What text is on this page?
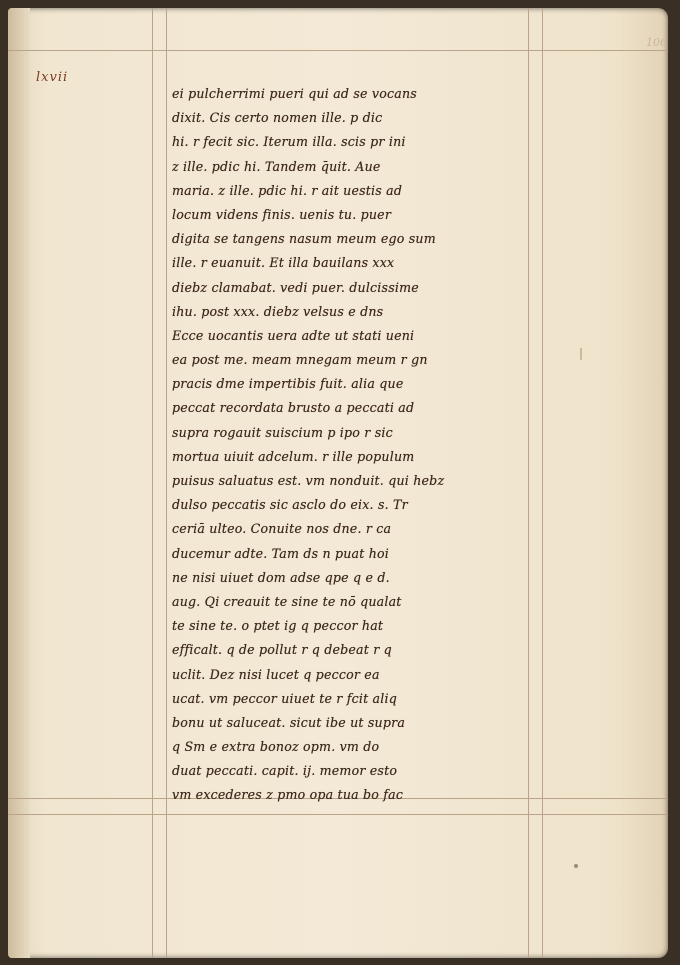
106
lxvii
ei pulcherrimi pueri qui ad se vocans
dixit. Cis certo nomen ille. p dic
hi. r fecit sic. Iterum illa. scis pr ini
z ille. pdic hi. Tandem q̄uit. Aue
maria. z ille. pdic hi. r ait uestis ad
locum videns finis. uenis tu. puer
digita se tangens nasum meum ego sum
ille. r euanuit. Et illa bauilans xxx
diebz clamabat. vedi puer. dulcissime
ihu. post xxx. diebz velsus e dns
Ecce uocantis uera adte ut stati ueni
ea post me. meam mnegam meum r gn
pracis dme impertibis fuit. alia que
peccat recordata brusto a peccati ad
supra rogauit suiscium p ipo r sic
mortua uiuit adcelum. r ille populum
puisus saluatus est. vm nonduit. qui hebz
dulso peccatis sic asclo do eix. s. Tr
ceriā ulteo. Conuite nos dne. r ca
ducemur adte. Tam ds n puat hoi
ne nisi uiuet dom adse qpe q e d.
aug. Qi creauit te sine te nō qualat
te sine te. o ptet ig q peccor hat
efficalt. q de pollut r q debeat r q
uclit. Dez nisi lucet q peccor ea
ucat. vm peccor uiuet te r fcit aliq
bonu ut saluceat. sicut ibe ut supra
q Sm e extra bonoz opm. vm do
duat peccati. capit. ij. memor esto
vm excederes z pmo opa tua bo fac
